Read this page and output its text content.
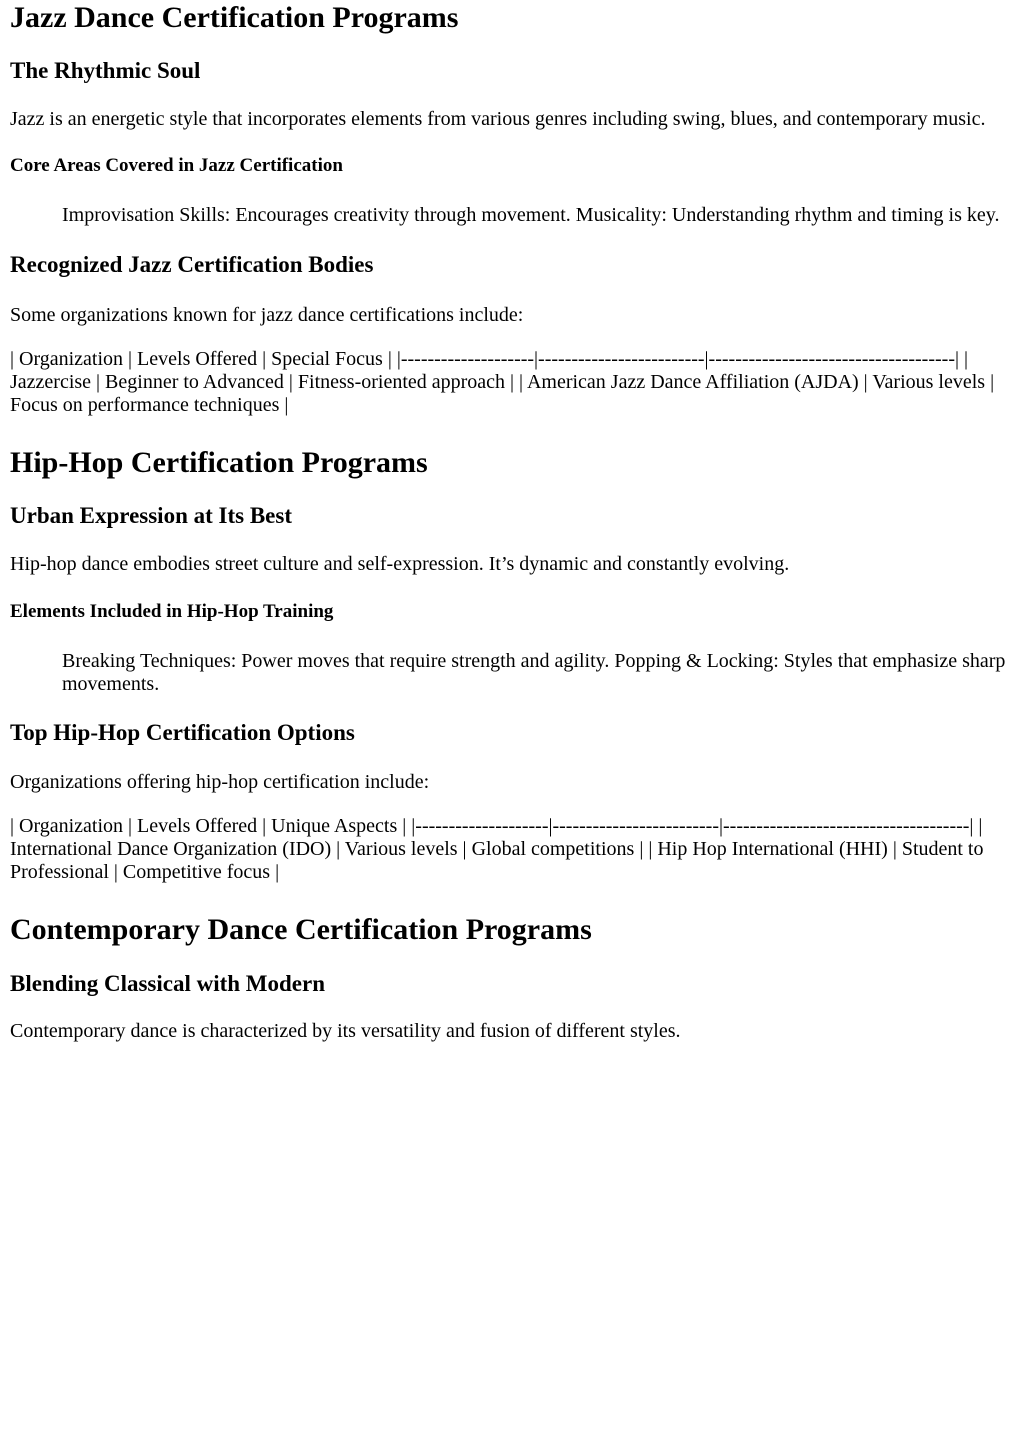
Jazz Dance Certification Programs
The Rhythmic Soul

Jazz is an energetic style that incorporates elements from various genres including swing, blues, and contemporary music.

Core Areas Covered in Jazz Certification
Improvisation Skills: Encourages creativity through movement. Musicality: Understanding rhythm and timing is key.
Recognized Jazz Certification Bodies

Some organizations known for jazz dance certifications include:

| Organization | Levels Offered | Special Focus | |--------------------|-------------------------|-------------------------------------| | Jazzercise | Beginner to Advanced | Fitness-oriented approach | | American Jazz Dance Affiliation (AJDA) | Various levels | Focus on performance techniques |

Hip-Hop Certification Programs
Urban Expression at Its Best

Hip-hop dance embodies street culture and self-expression. It’s dynamic and constantly evolving.

Elements Included in Hip-Hop Training
Breaking Techniques: Power moves that require strength and agility. Popping & Locking: Styles that emphasize sharp movements.
Top Hip-Hop Certification Options

Organizations offering hip-hop certification include:

| Organization | Levels Offered | Unique Aspects | |--------------------|-------------------------|-------------------------------------| | International Dance Organization (IDO) | Various levels | Global competitions | | Hip Hop International (HHI) | Student to Professional | Competitive focus |

Contemporary Dance Certification Programs
Blending Classical with Modern

Contemporary dance is characterized by its versatility and fusion of different styles.
